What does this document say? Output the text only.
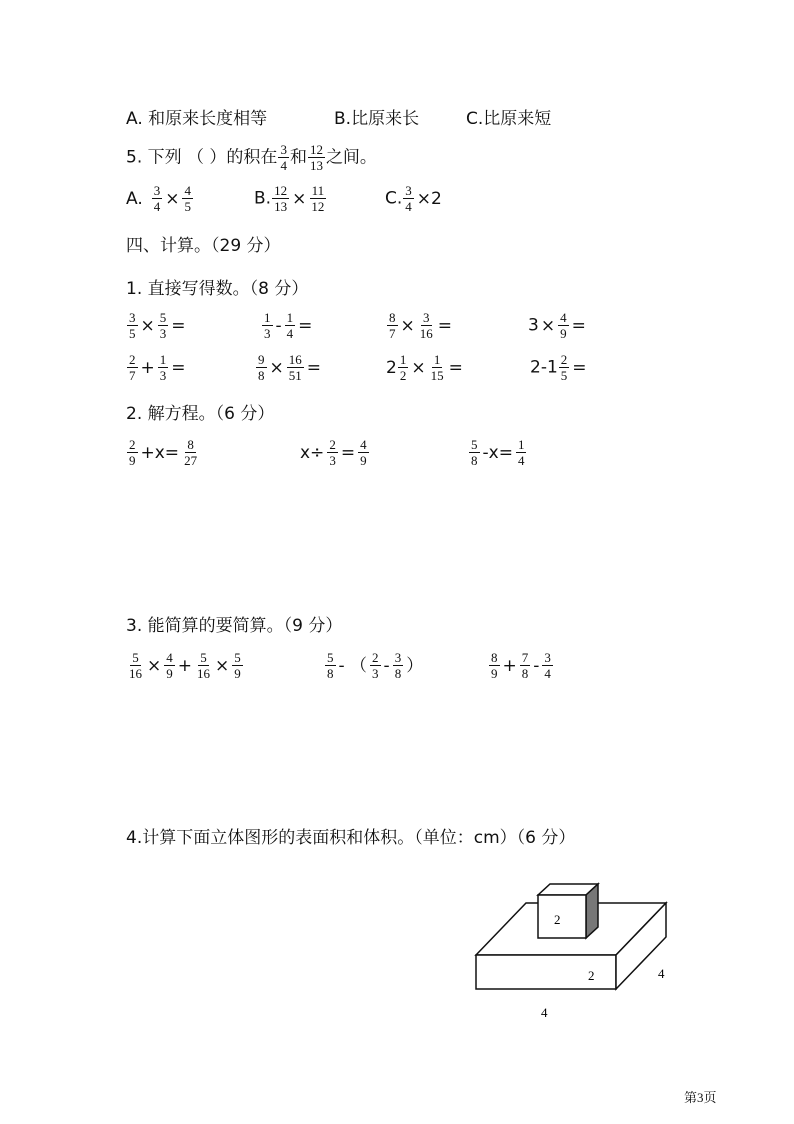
A. 和原来长度相等	B.比原来长	C.比原来短
5. 下列 （ ）的积在 $\frac{3}{4}$ 和 $\frac{12}{13}$ 之间。
A. $\frac{3}{4} \times \frac{4}{5}$	B. $\frac{12}{13} \times \frac{11}{12}$	C. $\frac{3}{4} \times 2$
四、计算。（29 分）
1. 直接写得数。（8 分）
$\frac{3}{5} \times \frac{5}{3}$ =	$\frac{1}{3} - \frac{1}{4}$ =	$\frac{8}{7} \times \frac{3}{16}$ =	$3 \times \frac{4}{9}$ =
$\frac{2}{7} + \frac{1}{3}$ =	$\frac{9}{8} \times \frac{16}{51}$ =	$2 \frac{1}{2} \times \frac{1}{15}$ =	$2-1 \frac{2}{5}$ =
2. 解方程。（6 分）
$\frac{2}{9} +x= \frac{8}{27}$	$x\div \frac{2}{3} = \frac{4}{9}$	$\frac{5}{8} -x= \frac{1}{4}$
3. 能简算的要简算。（9 分）
$\frac{5}{16} \times \frac{4}{9} + \frac{5}{16} \times \frac{5}{9}$	$\frac{5}{8}$ - （ $\frac{2}{3} - \frac{3}{8}$ ）	$\frac{8}{9} + \frac{7}{8} - \frac{3}{4}$
4.计算下面立体图形的表面积和体积。（单位：cm）（6 分）
2
2	4
4
第3页
